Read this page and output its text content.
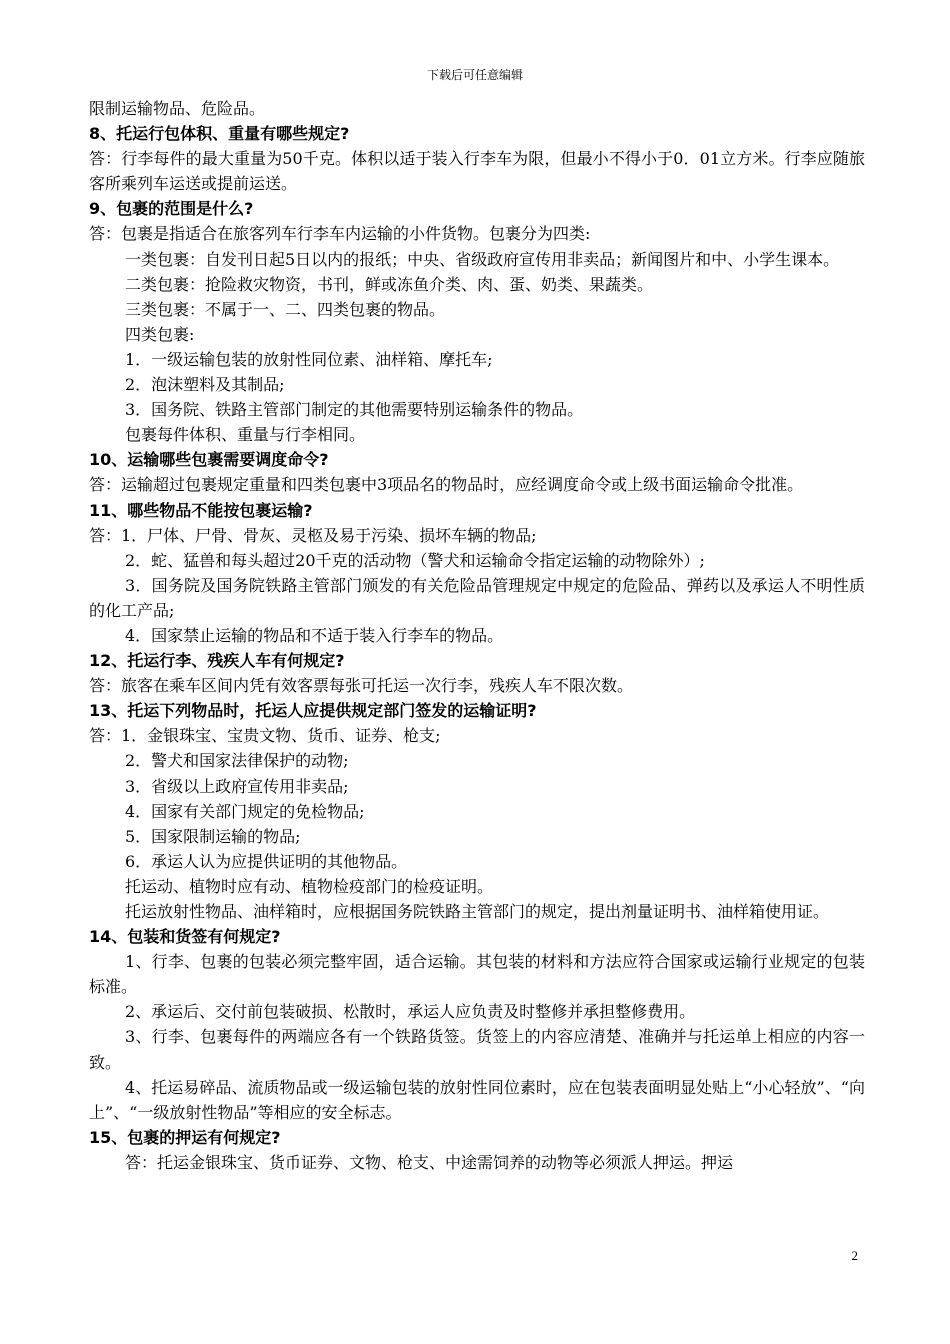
下载后可任意编辑

限制运输物品、危险品。

8、托运行包体积、重量有哪些规定?

答：行李每件的最大重量为50千克。体积以适于装入行李车为限，但最小不得小于0．01立方米。行李应随旅客所乘列车运送或提前运送。

9、包裹的范围是什么?

答：包裹是指适合在旅客列车行李车内运输的小件货物。包裹分为四类:

一类包裹：自发刊日起5日以内的报纸；中央、省级政府宣传用非卖品；新闻图片和中、小学生课本。

二类包裹：抢险救灾物资，书刊，鲜或冻鱼介类、肉、蛋、奶类、果蔬类。

三类包裹：不属于一、二、四类包裹的物品。

四类包裹:

1．一级运输包装的放射性同位素、油样箱、摩托车;

2．泡沫塑料及其制品;

3．国务院、铁路主管部门制定的其他需要特别运输条件的物品。

包裹每件体积、重量与行李相同。

10、运输哪些包裹需要调度命令?

答：运输超过包裹规定重量和四类包裹中3项品名的物品时，应经调度命令或上级书面运输命令批准。

11、哪些物品不能按包裹运输?

答：1．尸体、尸骨、骨灰、灵柩及易于污染、损坏车辆的物品;

2．蛇、猛兽和每头超过20千克的活动物（警犬和运输命令指定运输的动物除外）;

3．国务院及国务院铁路主管部门颁发的有关危险品管理规定中规定的危险品、弹药以及承运人不明性质的化工产品;

4．国家禁止运输的物品和不适于装入行李车的物品。

12、托运行李、残疾人车有何规定?

答：旅客在乘车区间内凭有效客票每张可托运一次行李，残疾人车不限次数。

13、托运下列物品时，托运人应提供规定部门签发的运输证明?

答：1．金银珠宝、宝贵文物、货币、证券、枪支;

2．警犬和国家法律保护的动物;

3．省级以上政府宣传用非卖品;

4．国家有关部门规定的免检物品;

5．国家限制运输的物品;

6．承运人认为应提供证明的其他物品。

托运动、植物时应有动、植物检疫部门的检疫证明。

托运放射性物品、油样箱时，应根据国务院铁路主管部门的规定，提出剂量证明书、油样箱使用证。

14、包装和货签有何规定?

1、行李、包裹的包装必须完整牢固，适合运输。其包装的材料和方法应符合国家或运输行业规定的包装标准。

2、承运后、交付前包装破损、松散时，承运人应负责及时整修并承担整修费用。

3、行李、包裹每件的两端应各有一个铁路货签。货签上的内容应清楚、准确并与托运单上相应的内容一致。

4、托运易碎品、流质物品或一级运输包装的放射性同位素时，应在包装表面明显处贴上“小心轻放”、“向上”、“一级放射性物品”等相应的安全标志。

15、包裹的押运有何规定?

答：托运金银珠宝、货币证券、文物、枪支、中途需饲养的动物等必须派人押运。押运

2
